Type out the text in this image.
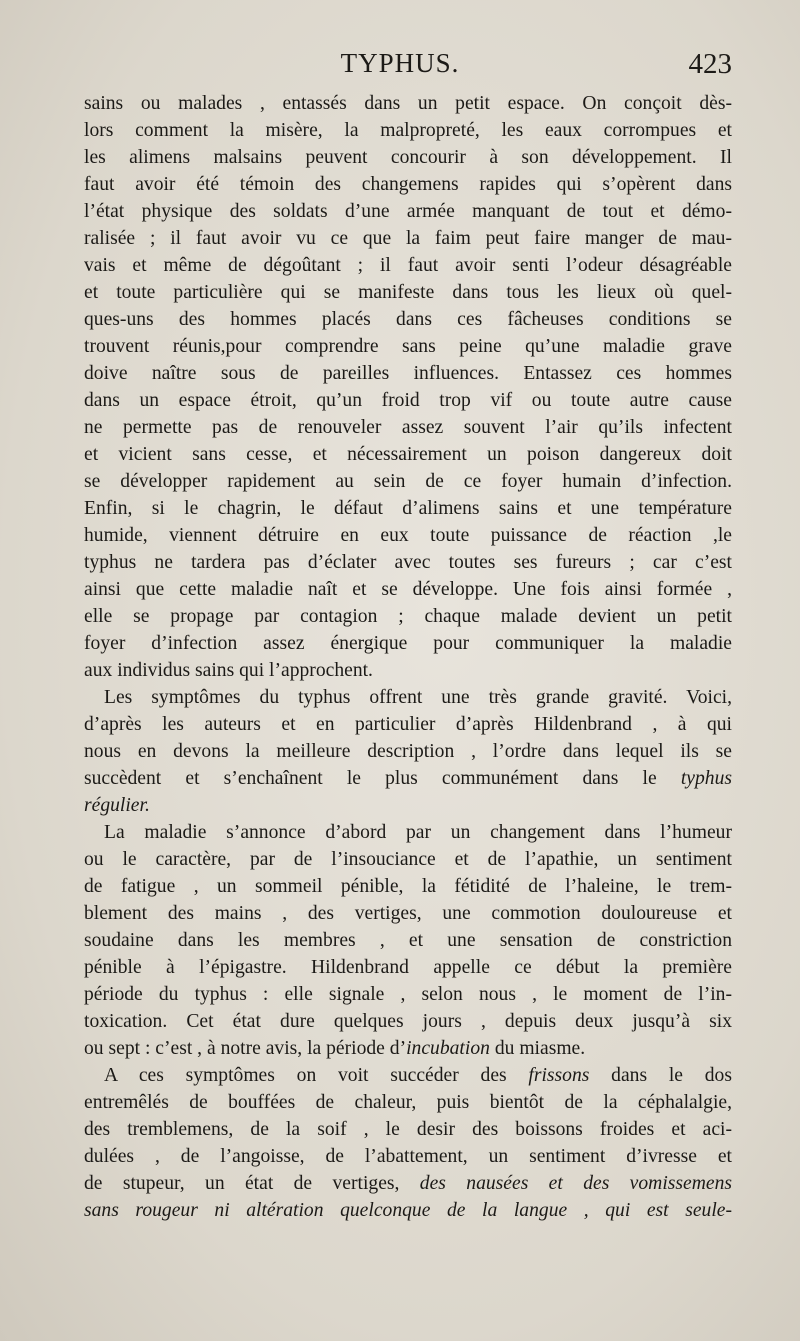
TYPHUS.	423
sains ou malades , entassés dans un petit espace. On conçoit dès-
lors comment la misère, la malpropreté, les eaux corrompues et
les alimens malsains peuvent concourir à son développement. Il
faut avoir été témoin des changemens rapides qui s’opèrent dans
l’état physique des soldats d’une armée manquant de tout et démo-
ralisée ; il faut avoir vu ce que la faim peut faire manger de mau-
vais et même de dégoûtant ; il faut avoir senti l’odeur désagréable
et toute particulière qui se manifeste dans tous les lieux où quel-
ques-uns des hommes placés dans ces fâcheuses conditions se
trouvent réunis,pour comprendre sans peine qu’une maladie grave
doive naître sous de pareilles influences. Entassez ces hommes
dans un espace étroit, qu’un froid trop vif ou toute autre cause
ne permette pas de renouveler assez souvent l’air qu’ils infectent
et vicient sans cesse, et nécessairement un poison dangereux doit
se développer rapidement au sein de ce foyer humain d’infection.
Enfin, si le chagrin, le défaut d’alimens sains et une température
humide, viennent détruire en eux toute puissance de réaction ,le
typhus ne tardera pas d’éclater avec toutes ses fureurs ; car c’est
ainsi que cette maladie naît et se développe. Une fois ainsi formée ,
elle se propage par contagion ; chaque malade devient un petit
foyer d’infection assez énergique pour communiquer la maladie
aux individus sains qui l’approchent.
Les symptômes du typhus offrent une très grande gravité. Voici,
d’après les auteurs et en particulier d’après Hildenbrand , à qui
nous en devons la meilleure description , l’ordre dans lequel ils se
succèdent et s’enchaînent le plus communément dans le typhus
régulier.
La maladie s’annonce d’abord par un changement dans l’humeur
ou le caractère, par de l’insouciance et de l’apathie, un sentiment
de fatigue , un sommeil pénible, la fétidité de l’haleine, le trem-
blement des mains , des vertiges, une commotion douloureuse et
soudaine dans les membres , et une sensation de constriction
pénible à l’épigastre. Hildenbrand appelle ce début la première
période du typhus : elle signale , selon nous , le moment de l’in-
toxication. Cet état dure quelques jours , depuis deux jusqu’à six
ou sept : c’est , à notre avis, la période d’incubation du miasme.
A ces symptômes on voit succéder des frissons dans le dos
entremêlés de bouffées de chaleur, puis bientôt de la céphalalgie,
des tremblemens, de la soif , le desir des boissons froides et aci-
dulées , de l’angoisse, de l’abattement, un sentiment d’ivresse et
de stupeur, un état de vertiges, des nausées et des vomissemens
sans rougeur ni altération quelconque de la langue , qui est seule-
